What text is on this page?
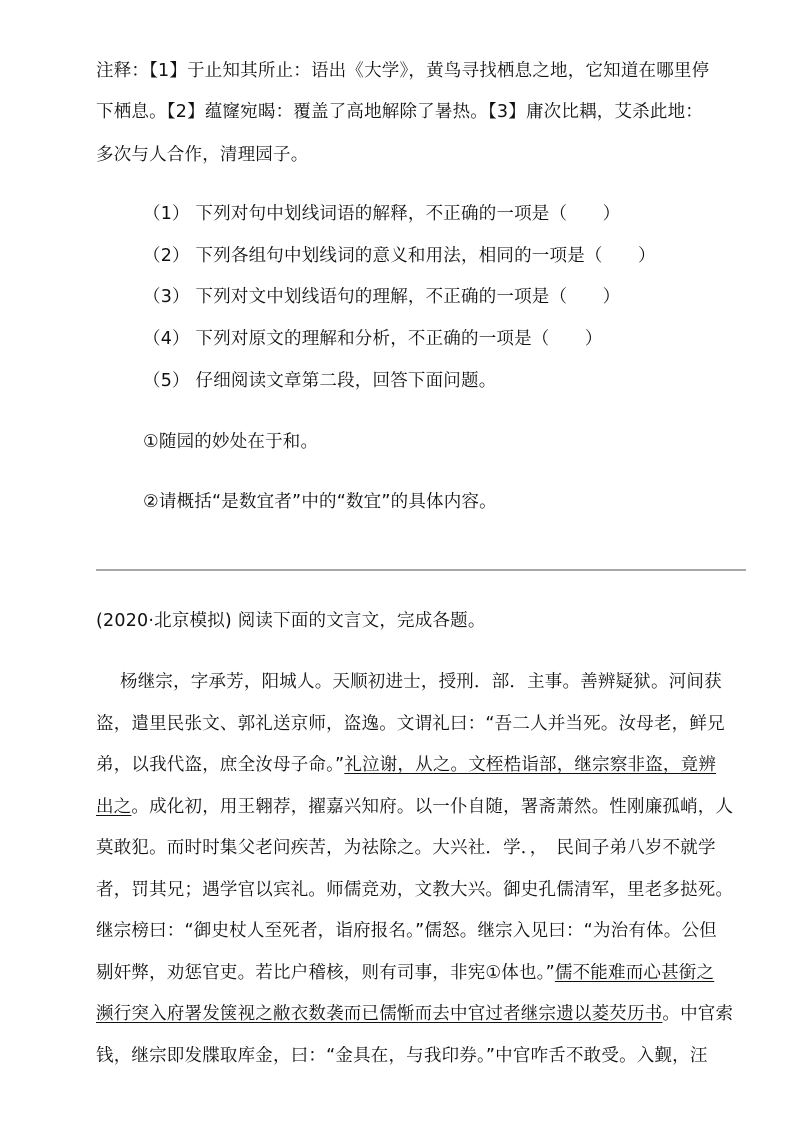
注释：【1】于止知其所止：语出《大学》，黄鸟寻找栖息之地，它知道在哪里停
下栖息。【2】蕴窿宛暍：覆盖了高地解除了暑热。【3】庸次比耦，艾杀此地：
多次与人合作，清理园子。
（1） 下列对句中划线词语的解释，不正确的一项是（　　）
（2） 下列各组句中划线词的意义和用法，相同的一项是（　　）
（3） 下列对文中划线语句的理解，不正确的一项是（　　）
（4） 下列对原文的理解和分析，不正确的一项是（　　）
（5） 仔细阅读文章第二段，回答下面问题。
①随园的妙处在于和。
②请概括“是数宜者”中的“数宜”的具体内容。
(2020·北京模拟) 阅读下面的文言文，完成各题。
杨继宗，字承芳，阳城人。天顺初进士，授刑．部．主事。善辨疑狱。河间获
盗，遣里民张文、郭礼送京师，盗逸。文谓礼曰：“吾二人并当死。汝母老，鲜兄
弟，以我代盗，庶全汝母子命。”礼泣谢，从之。文桎梏诣部，继宗察非盗，竟辨
出之。成化初，用王翱荐，擢嘉兴知府。以一仆自随，署斋萧然。性刚廉孤峭，人
莫敢犯。而时时集父老问疾苦，为祛除之。大兴社．学．，　民间子弟八岁不就学
者，罚其兄；遇学官以宾礼。师儒竞劝，文教大兴。御史孔儒清军，里老多挞死。
继宗榜曰：“御史杖人至死者，诣府报名。”儒怒。继宗入见曰：“为治有体。公但
剔奸弊，劝惩官吏。若比户稽核，则有司事，非宪①体也。”儒不能难而心甚銜之
濒行突入府署发箧视之敝衣数袭而已儒惭而去中官过者继宗遗以菱芡历书。中官索
钱，继宗即发牒取库金，曰：“金具在，与我印券。”中官咋舌不敢受。入觐，汪
